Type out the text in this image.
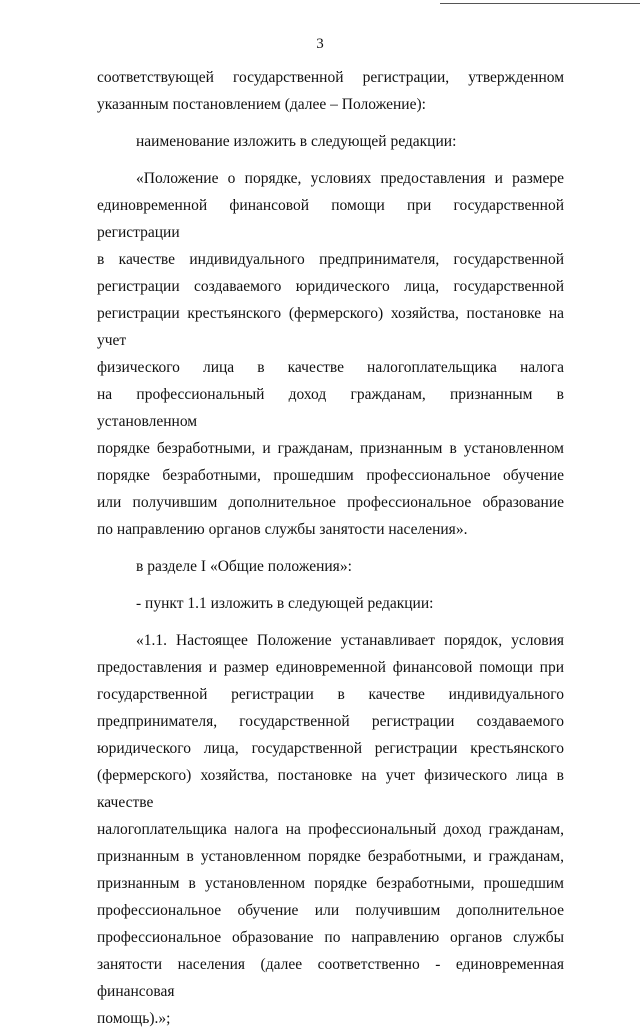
3

соответствующей государственной регистрации, утвержденном

указанным постановлением (далее – Положение):

наименование изложить в следующей редакции:

«Положение о порядке, условиях предоставления и размере

единовременной финансовой помощи при государственной регистрации

в качестве индивидуального предпринимателя, государственной

регистрации создаваемого юридического лица, государственной

регистрации крестьянского (фермерского) хозяйства, постановке на учет

физического лица в качестве налогоплательщика налога

на профессиональный доход гражданам, признанным в установленном

порядке безработными, и гражданам, признанным в установленном

порядке безработными, прошедшим профессиональное обучение

или получившим дополнительное профессиональное образование

по направлению органов службы занятости населения».

в разделе I «Общие положения»:

- пункт 1.1 изложить в следующей редакции:

«1.1. Настоящее Положение устанавливает порядок, условия

предоставления и размер единовременной финансовой помощи при

государственной регистрации в качестве индивидуального

предпринимателя, государственной регистрации создаваемого

юридического лица, государственной регистрации крестьянского

(фермерского) хозяйства, постановке на учет физического лица в качестве

налогоплательщика налога на профессиональный доход гражданам,

признанным в установленном порядке безработными, и гражданам,

признанным в установленном порядке безработными, прошедшим

профессиональное обучение или получившим дополнительное

профессиональное образование по направлению органов службы

занятости населения (далее соответственно - единовременная финансовая

помощь).»;
